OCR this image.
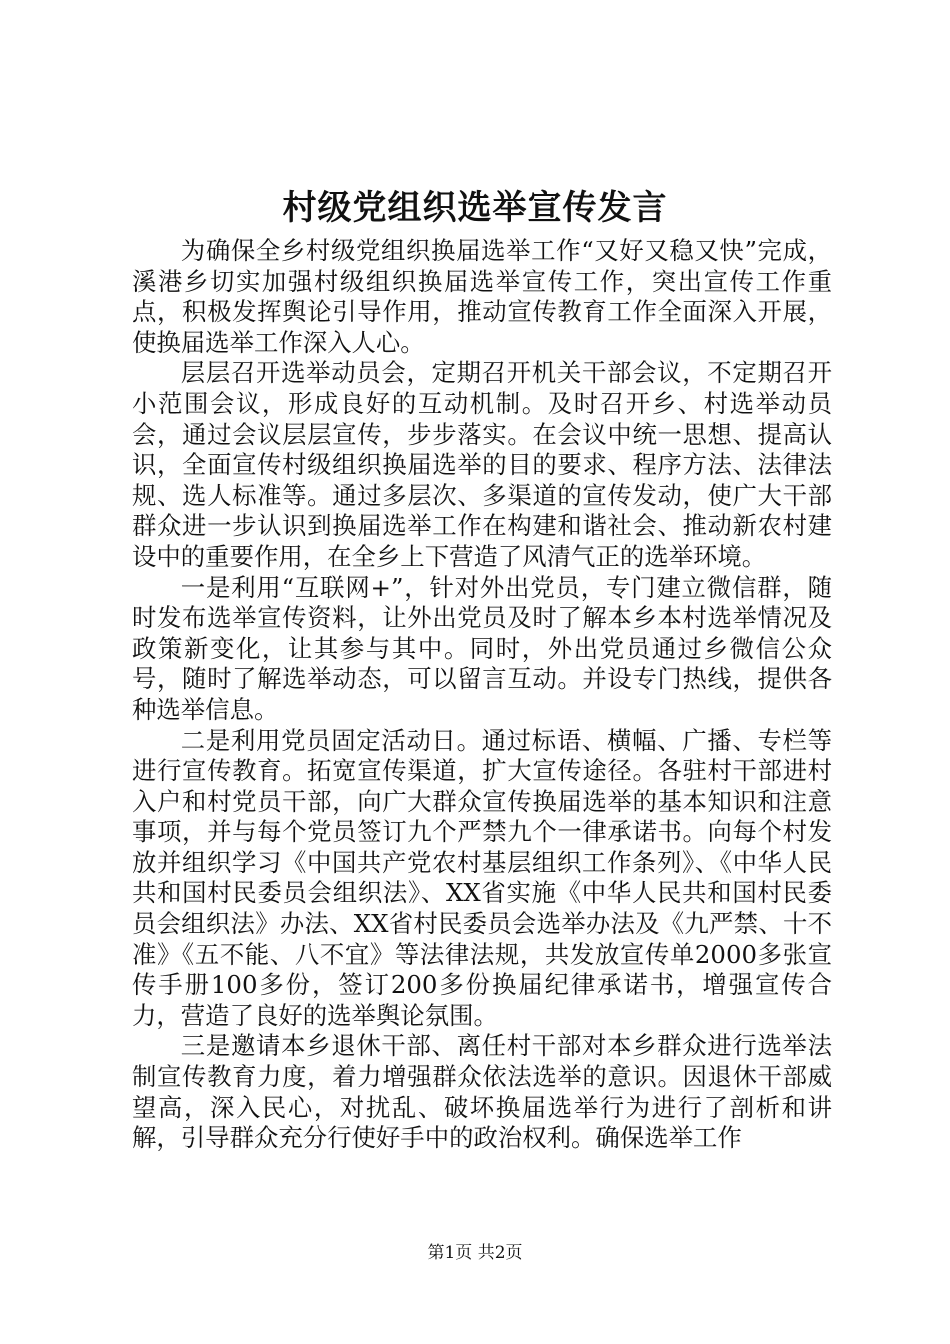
村级党组织选举宣传发言

为确保全乡村级党组织换届选举工作“又好又稳又快”完成，溪港乡切实加强村级组织换届选举宣传工作，突出宣传工作重点，积极发挥舆论引导作用，推动宣传教育工作全面深入开展，使换届选举工作深入人心。

层层召开选举动员会，定期召开机关干部会议，不定期召开小范围会议，形成良好的互动机制。及时召开乡、村选举动员会，通过会议层层宣传，步步落实。在会议中统一思想、提高认识，全面宣传村级组织换届选举的目的要求、程序方法、法律法规、选人标准等。通过多层次、多渠道的宣传发动，使广大干部群众进一步认识到换届选举工作在构建和谐社会、推动新农村建设中的重要作用，在全乡上下营造了风清气正的选举环境。

一是利用“互联网+”，针对外出党员，专门建立微信群，随时发布选举宣传资料，让外出党员及时了解本乡本村选举情况及政策新变化，让其参与其中。同时，外出党员通过乡微信公众号，随时了解选举动态，可以留言互动。并设专门热线，提供各种选举信息。

二是利用党员固定活动日。通过标语、横幅、广播、专栏等进行宣传教育。拓宽宣传渠道，扩大宣传途径。各驻村干部进村入户和村党员干部，向广大群众宣传换届选举的基本知识和注意事项，并与每个党员签订九个严禁九个一律承诺书。向每个村发放并组织学习《中国共产党农村基层组织工作条列》、《中华人民共和国村民委员会组织法》、XX省实施《中华人民共和国村民委员会组织法》办法、XX省村民委员会选举办法及《九严禁、十不准》《五不能、八不宜》等法律法规，共发放宣传单2000多张宣传手册100多份，签订200多份换届纪律承诺书，增强宣传合力，营造了良好的选举舆论氛围。

三是邀请本乡退休干部、离任村干部对本乡群众进行选举法制宣传教育力度，着力增强群众依法选举的意识。因退休干部威望高，深入民心，对扰乱、破坏换届选举行为进行了剖析和讲解，引导群众充分行使好手中的政治权利。确保选举工作

第1页 共2页
